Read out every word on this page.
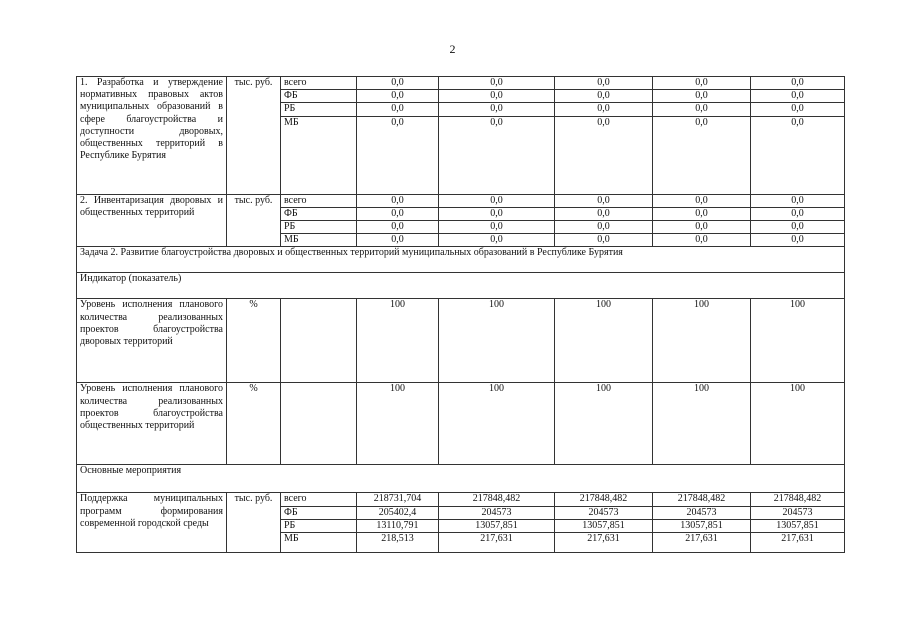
2
1. Разработка и утверждение нормативных правовых актов муниципальных образований в сфере благоустройства и доступности дворовых, общественных территорий в Республике Бурятия	тыс. руб.	всего	0,0	0,0	0,0	0,0	0,0
		ФБ	0,0	0,0	0,0	0,0	0,0
		РБ	0,0	0,0	0,0	0,0	0,0
		МБ	0,0	0,0	0,0	0,0	0,0
2. Инвентаризация дворовых и общественных территорий	тыс. руб.	всего	0,0	0,0	0,0	0,0	0,0
		ФБ	0,0	0,0	0,0	0,0	0,0
		РБ	0,0	0,0	0,0	0,0	0,0
		МБ	0,0	0,0	0,0	0,0	0,0
Задача 2. Развитие благоустройства дворовых и общественных территорий муниципальных образований в Республике Бурятия							
Индикатор (показатель)							
Уровень исполнения планового количества реализованных проектов благоустройства дворовых территорий	%		100	100	100	100	100
Уровень исполнения планового количества реализованных проектов благоустройства общественных территорий	%		100	100	100	100	100
Основные мероприятия							
Поддержка муниципальных программ формирования современной городской среды	тыс. руб.	всего	218731,704	217848,482	217848,482	217848,482	217848,482
		ФБ	205402,4	204573	204573	204573	204573
		РБ	13110,791	13057,851	13057,851	13057,851	13057,851
		МБ	218,513	217,631	217,631	217,631	217,631
